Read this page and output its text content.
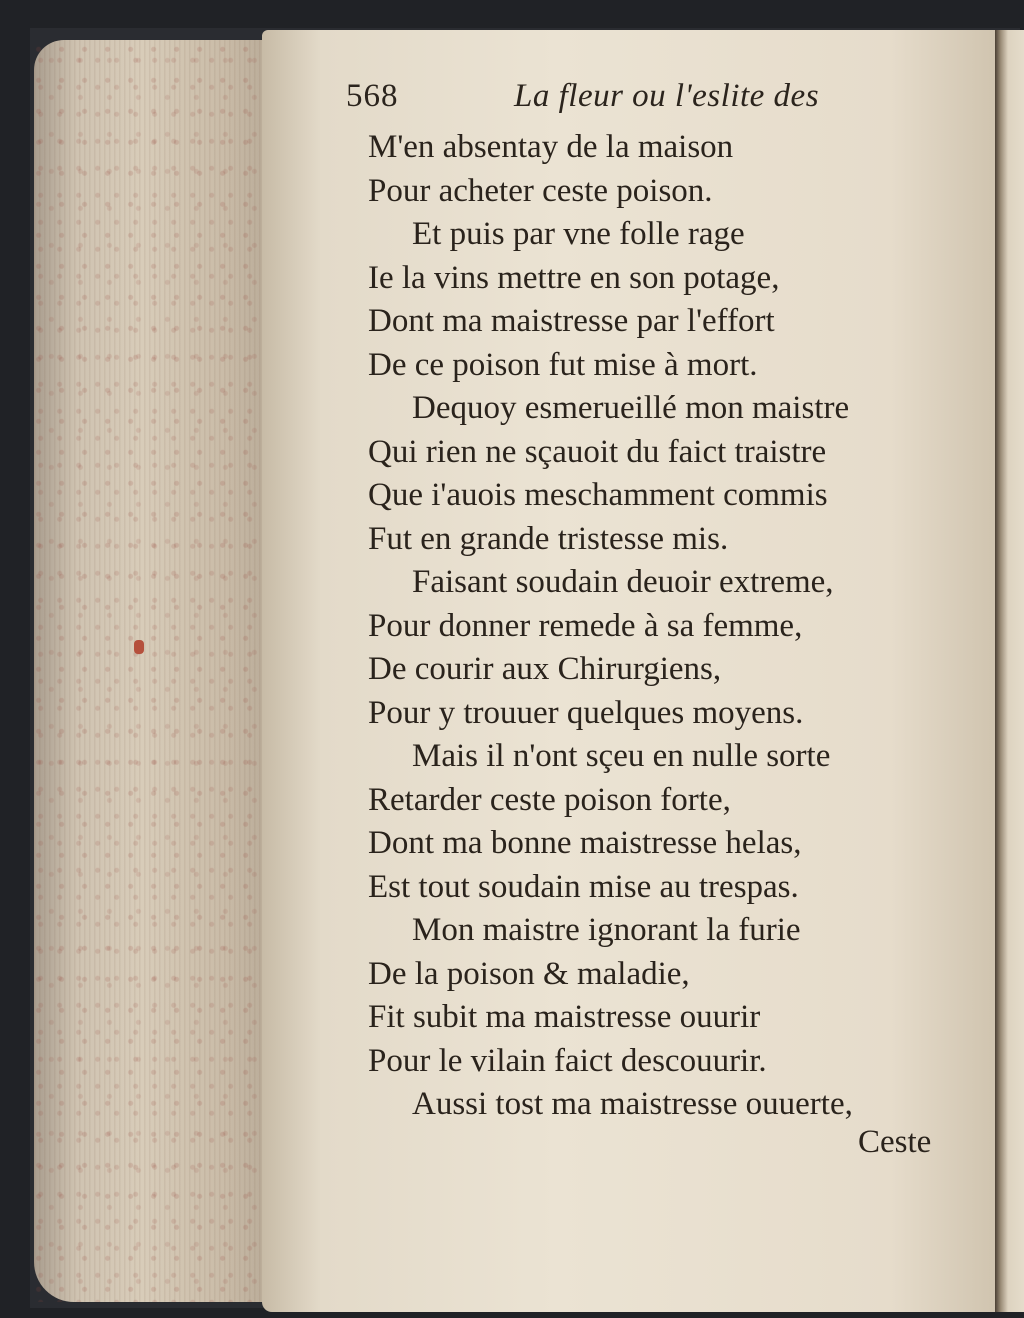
568	La fleur ou l'eslite des
M'en absentay de la maison
Pour acheter ceste poison.
Et puis par vne folle rage
Ie la vins mettre en son potage,
Dont ma maistresse par l'effort
De ce poison fut mise à mort.
Dequoy esmerueillé mon maistre
Qui rien ne sçauoit du faict traistre
Que i'auois meschamment commis
Fut en grande tristesse mis.
Faisant soudain deuoir extreme,
Pour donner remede à sa femme,
De courir aux Chirurgiens,
Pour y trouuer quelques moyens.
Mais il n'ont sçeu en nulle sorte
Retarder ceste poison forte,
Dont ma bonne maistresse helas,
Est tout soudain mise au trespas.
Mon maistre ignorant la furie
De la poison & maladie,
Fit subit ma maistresse ouurir
Pour le vilain faict descouurir.
Aussi tost ma maistresse ouuerte,
Ceste
